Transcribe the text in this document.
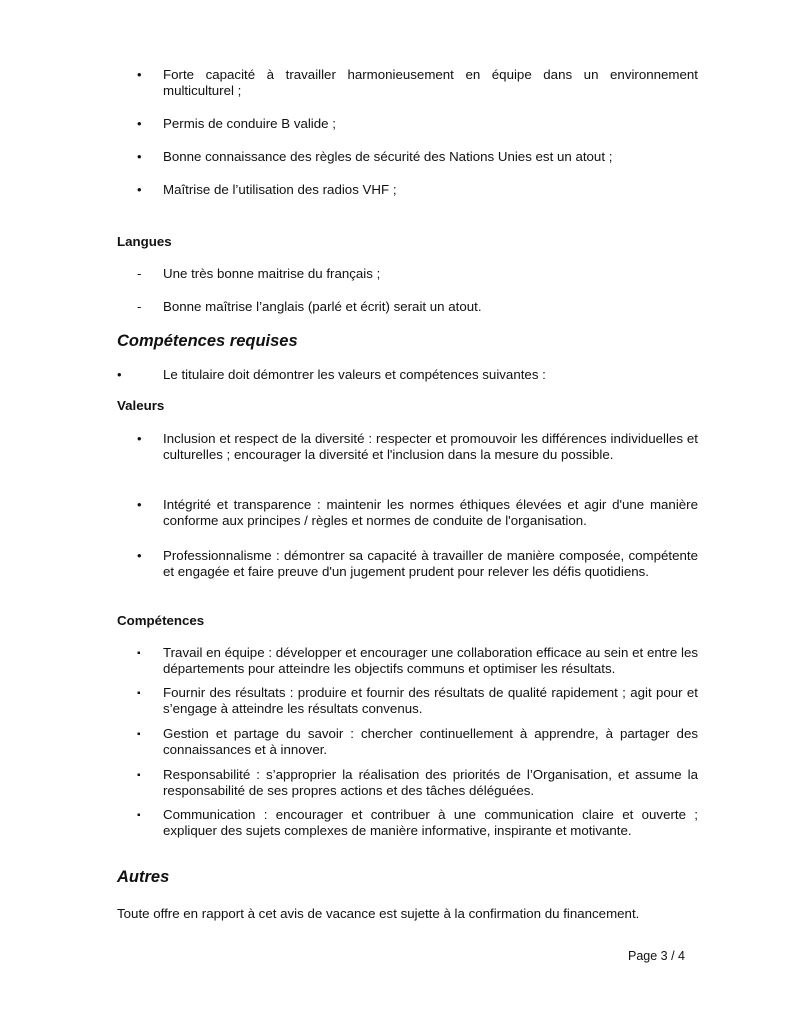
• Forte capacité à travailler harmonieusement en équipe dans un environnement multiculturel ;
• Permis de conduire B valide ;
• Bonne connaissance des règles de sécurité des Nations Unies est un atout ;
• Maîtrise de l’utilisation des radios VHF ;
Langues
- Une très bonne maitrise du français ;
- Bonne maîtrise l’anglais (parlé et écrit) serait un atout.
Compétences requises
•	Le titulaire doit démontrer les valeurs et compétences suivantes :
Valeurs
• Inclusion et respect de la diversité : respecter et promouvoir les différences individuelles et culturelles ; encourager la diversité et l'inclusion dans la mesure du possible.
• Intégrité et transparence : maintenir les normes éthiques élevées et agir d'une manière conforme aux principes / règles et normes de conduite de l'organisation.
• Professionnalisme : démontrer sa capacité à travailler de manière composée, compétente et engagée et faire preuve d'un jugement prudent pour relever les défis quotidiens.
Compétences
▪ Travail en équipe : développer et encourager une collaboration efficace au sein et entre les départements pour atteindre les objectifs communs et optimiser les résultats.
▪ Fournir des résultats : produire et fournir des résultats de qualité rapidement ; agit pour et s’engage à atteindre les résultats convenus.
▪ Gestion et partage du savoir : chercher continuellement à apprendre, à partager des connaissances et à innover.
▪ Responsabilité : s’approprier la réalisation des priorités de l’Organisation, et assume la responsabilité de ses propres actions et des tâches déléguées.
▪ Communication : encourager et contribuer à une communication claire et ouverte ; expliquer des sujets complexes de manière informative, inspirante et motivante.
Autres
Toute offre en rapport à cet avis de vacance est sujette à la confirmation du financement.
Page 3 / 4
